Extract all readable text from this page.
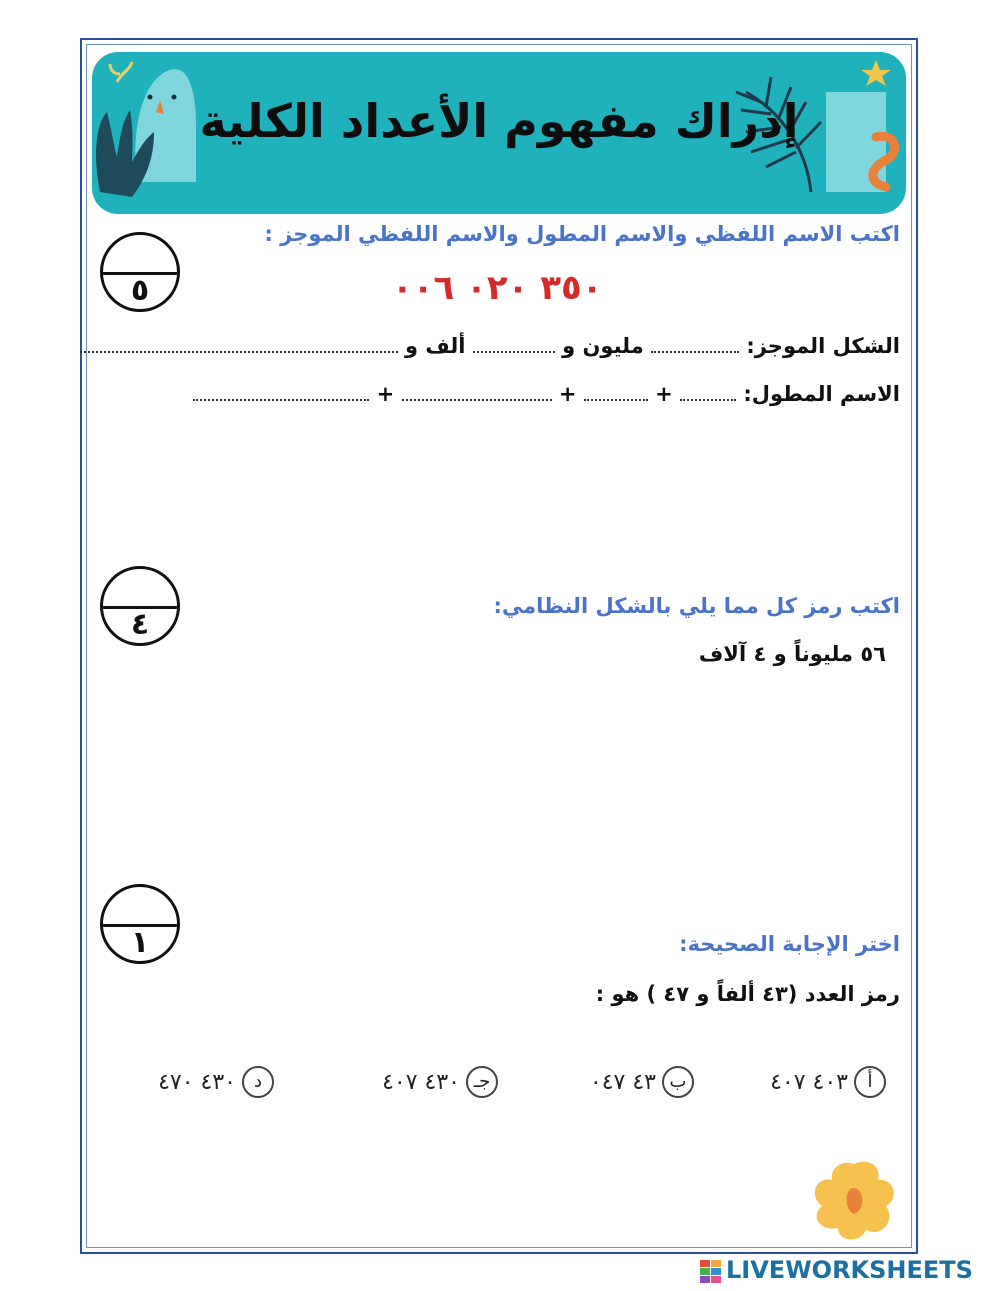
إدراك مفهوم الأعداد الكلية
٥
اكتب الاسم اللفظي والاسم المطول والاسم اللفظي الموجز :
٣٥٠ ٠٢٠ ٠٠٦
الشكل الموجز:  مليون و  ألف و
الاسم المطول:  +  +  +
٤
اكتب رمز كل مما يلي بالشكل النظامي:
٥٦ مليوناً و ٤ آلاف
١	اختر الإجابة الصحيحة:
رمز العدد (٤٣ ألفاً و ٤٧ ) هو :
أ٤٠٣ ٤٠٧
ب٤٣ ٠٤٧
جـ٤٣٠ ٤٠٧
د٤٣٠ ٤٧٠
LIVEWORKSHEETS
